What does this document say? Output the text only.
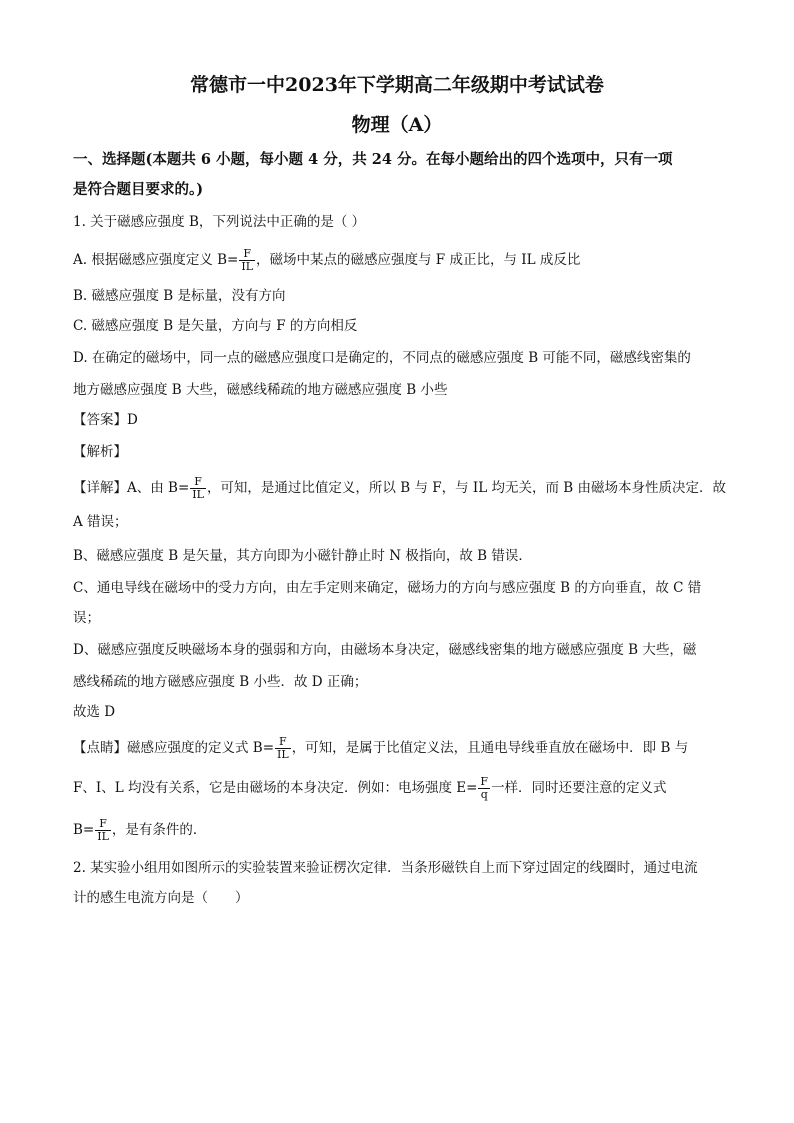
常德市一中2023年下学期高二年级期中考试试卷
物理（A）
一、选择题(本题共 6 小题，每小题 4 分，共 24 分。在每小题给出的四个选项中，只有一项
是符合题目要求的。)
1. 关于磁感应强度 B，下列说法中正确的是（ ）
A. 根据磁感应强度定义 $B= \frac{F}{IL}$ ，磁场中某点的磁感应强度与 F 成正比，与 IL 成反比
B. 磁感应强度 B 是标量，没有方向
C. 磁感应强度 B 是矢量，方向与 F 的方向相反
D. 在确定的磁场中，同一点的磁感应强度口是确定的，不同点的磁感应强度 B 可能不同，磁感线密集的
地方磁感应强度 B 大些，磁感线稀疏的地方磁感应强度 B 小些
【答案】D
【解析】
【详解】A、由 $B= \frac{F}{IL}$ ，可知，是通过比值定义，所以 B 与 F，与 IL 均无关，而 B 由磁场本身性质决定．故
A 错误；
B、磁感应强度 B 是矢量，其方向即为小磁针静止时 N 极指向，故 B 错误．
C、通电导线在磁场中的受力方向，由左手定则来确定，磁场力的方向与感应强度 B 的方向垂直，故 C 错
误；
D、磁感应强度反映磁场本身的强弱和方向，由磁场本身决定，磁感线密集的地方磁感应强度 B 大些，磁
感线稀疏的地方磁感应强度 B 小些．故 D 正确；
故选 D
【点睛】磁感应强度的定义式 $B= \frac{F}{IL}$ ，可知，是属于比值定义法，且通电导线垂直放在磁场中．即 B 与
F、I、L 均没有关系，它是由磁场的本身决定．例如：电场强度 $E= \frac{F}{q}$ 一样．同时还要注意的定义式
$B= \frac{F}{IL}$ ，是有条件的．
2. 某实验小组用如图所示的实验装置来验证楞次定律．当条形磁铁自上而下穿过固定的线圈时，通过电流
计的感生电流方向是（　　）
